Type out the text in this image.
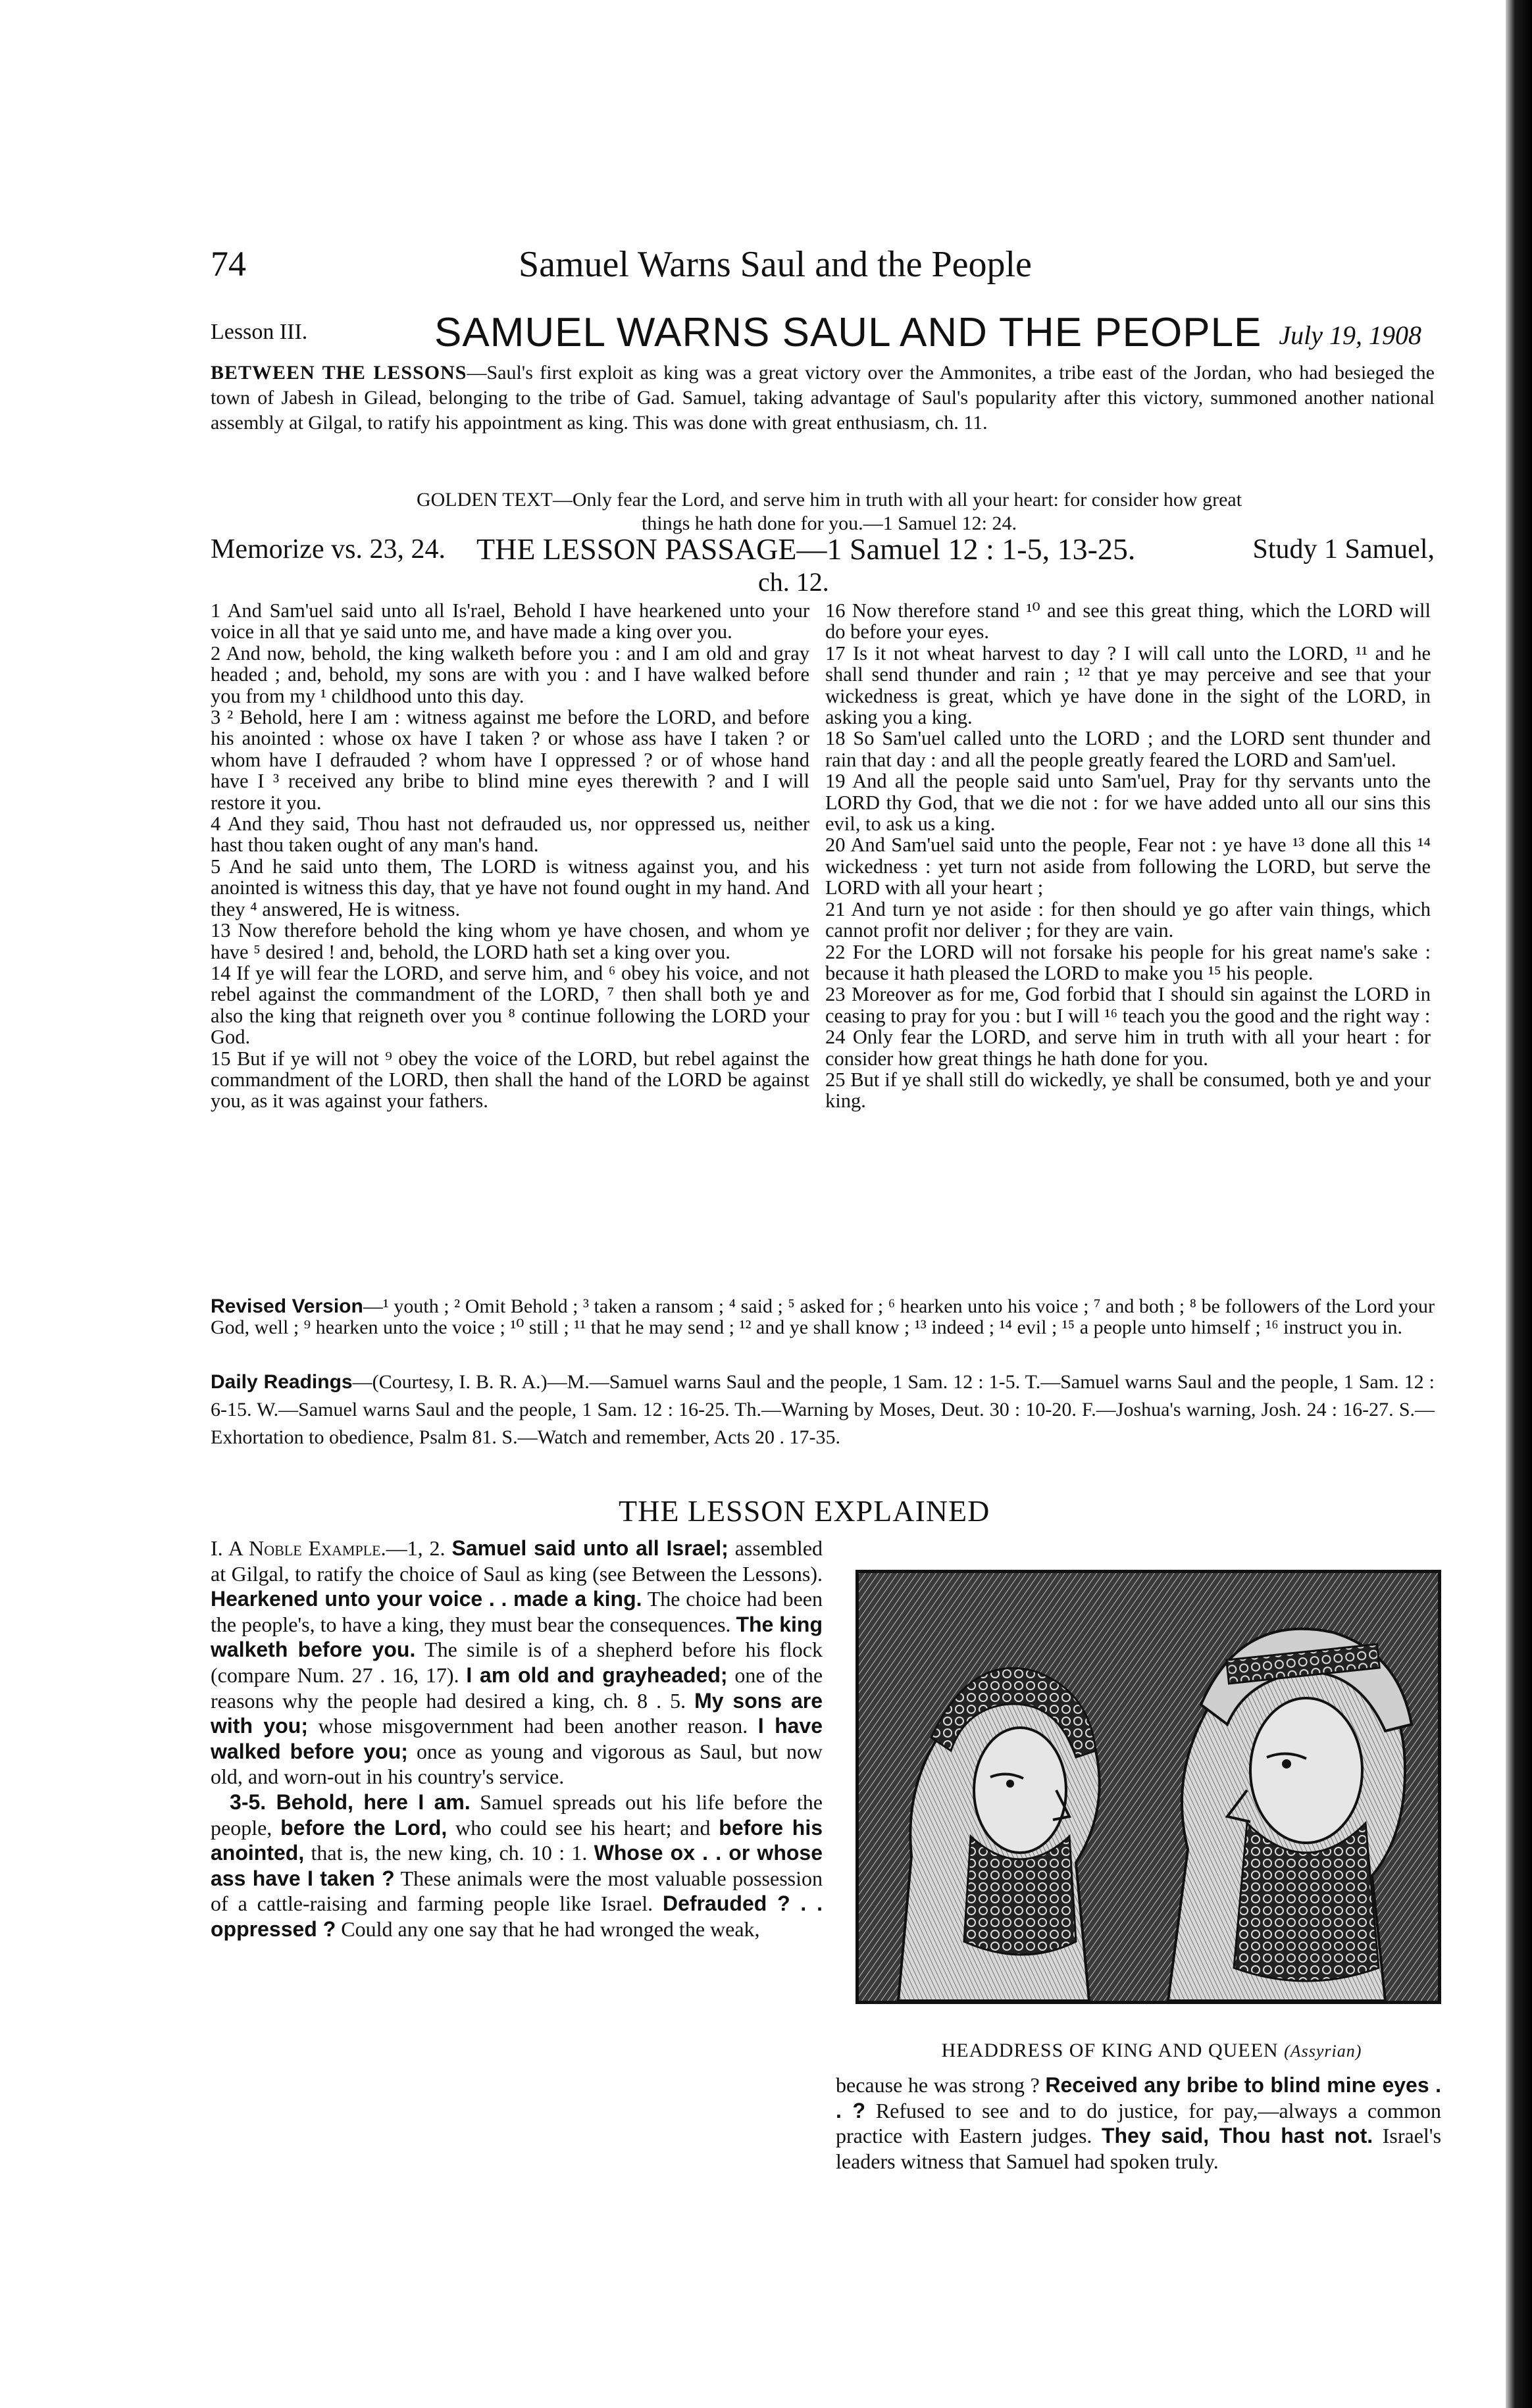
74	Samuel Warns Saul and the People
Lesson III.	SAMUEL WARNS SAUL AND THE PEOPLE July 19, 1908
BETWEEN THE LESSONS—Saul's first exploit as king was a great victory over the Ammonites, a tribe east of the Jordan, who had besieged the town of Jabesh in Gilead, belonging to the tribe of Gad. Samuel, taking advantage of Saul's popularity after this victory, summoned another national assembly at Gilgal, to ratify his appointment as king. This was done with great enthusiasm, ch. 11.
GOLDEN TEXT—Only fear the Lord, and serve him in truth with all your heart: for consider how great
things he hath done for you.—1 Samuel 12: 24.
Memorize vs. 23, 24. THE LESSON PASSAGE—1 Samuel 12 : 1-5, 13-25.	Study 1 Samuel,
ch. 12.

1 And Sam'uel said unto all Is'rael, Behold I have hearkened unto your voice in all that ye said unto me, and have made a king over you.

2 And now, behold, the king walketh before you : and I am old and gray headed ; and, behold, my sons are with you : and I have walked before you from my ¹ childhood unto this day.

3 ² Behold, here I am : witness against me before the LORD, and before his anointed : whose ox have I taken ? or whose ass have I taken ? or whom have I defrauded ? whom have I oppressed ? or of whose hand have I ³ received any bribe to blind mine eyes therewith ? and I will restore it you.

4 And they said, Thou hast not defrauded us, nor oppressed us, neither hast thou taken ought of any man's hand.

5 And he said unto them, The LORD is witness against you, and his anointed is witness this day, that ye have not found ought in my hand. And they ⁴ answered, He is witness.

13 Now therefore behold the king whom ye have chosen, and whom ye have ⁵ desired ! and, behold, the LORD hath set a king over you.

14 If ye will fear the LORD, and serve him, and ⁶ obey his voice, and not rebel against the commandment of the LORD, ⁷ then shall both ye and also the king that reigneth over you ⁸ continue following the LORD your God.

15 But if ye will not ⁹ obey the voice of the LORD, but rebel against the commandment of the LORD, then shall the hand of the LORD be against you, as it was against your fathers.

16 Now therefore stand ¹⁰ and see this great thing, which the LORD will do before your eyes.

17 Is it not wheat harvest to day ? I will call unto the LORD, ¹¹ and he shall send thunder and rain ; ¹² that ye may perceive and see that your wickedness is great, which ye have done in the sight of the LORD, in asking you a king.

18 So Sam'uel called unto the LORD ; and the LORD sent thunder and rain that day : and all the people greatly feared the LORD and Sam'uel.

19 And all the people said unto Sam'uel, Pray for thy servants unto the LORD thy God, that we die not : for we have added unto all our sins this evil, to ask us a king.

20 And Sam'uel said unto the people, Fear not : ye have ¹³ done all this ¹⁴ wickedness : yet turn not aside from following the LORD, but serve the LORD with all your heart ;

21 And turn ye not aside : for then should ye go after vain things, which cannot profit nor deliver ; for they are vain.

22 For the LORD will not forsake his people for his great name's sake : because it hath pleased the LORD to make you ¹⁵ his people.

23 Moreover as for me, God forbid that I should sin against the LORD in ceasing to pray for you : but I will ¹⁶ teach you the good and the right way :

24 Only fear the LORD, and serve him in truth with all your heart : for consider how great things he hath done for you.

25 But if ye shall still do wickedly, ye shall be consumed, both ye and your king.

Revised Version—¹ youth ; ² Omit Behold ; ³ taken a ransom ; ⁴ said ; ⁵ asked for ; ⁶ hearken unto his voice ; ⁷ and both ; ⁸ be followers of the Lord your God, well ; ⁹ hearken unto the voice ; ¹⁰ still ; ¹¹ that he may send ; ¹² and ye shall know ; ¹³ indeed ; ¹⁴ evil ; ¹⁵ a people unto himself ; ¹⁶ instruct you in.
Daily Readings—(Courtesy, I. B. R. A.)—M.—Samuel warns Saul and the people, 1 Sam. 12 : 1-5. T.—Samuel warns Saul and the people, 1 Sam. 12 : 6-15. W.—Samuel warns Saul and the people, 1 Sam. 12 : 16-25. Th.—Warning by Moses, Deut. 30 : 10-20. F.—Joshua's warning, Josh. 24 : 16-27. S.—Exhortation to obedience, Psalm 81. S.—Watch and remember, Acts 20 . 17-35.
THE LESSON EXPLAINED

I. A Noble Example.—1, 2. Samuel said unto all Israel; assembled at Gilgal, to ratify the choice of Saul as king (see Between the Lessons). Hearkened unto your voice . . made a king. The choice had been the people's, to have a king, they must bear the consequences. The king walketh before you. The simile is of a shepherd before his flock (compare Num. 27 . 16, 17). I am old and grayheaded; one of the reasons why the people had desired a king, ch. 8 . 5. My sons are with you; whose misgovernment had been another reason. I have walked before you; once as young and vigorous as Saul, but now old, and worn-out in his country's service.

3-5. Behold, here I am. Samuel spreads out his life before the people, before the Lord, who could see his heart; and before his anointed, that is, the new king, ch. 10 : 1. Whose ox . . or whose ass have I taken ? These animals were the most valuable possession of a cattle-raising and farming people like Israel. Defrauded ? . . oppressed ? Could any one say that he had wronged the weak,

HEADDRESS OF KING AND QUEEN (Assyrian)

because he was strong ? Received any bribe to blind mine eyes . . ? Refused to see and to do justice, for pay,—always a common practice with Eastern judges. They said, Thou hast not. Israel's leaders witness that Samuel had spoken truly.
